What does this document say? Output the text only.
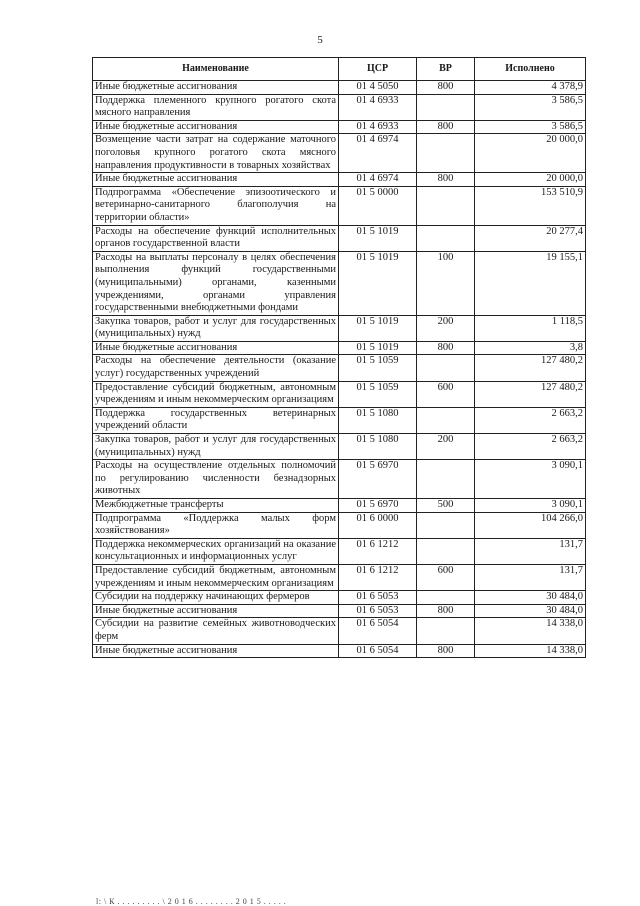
5
Наименование	ЦСР	ВР	Исполнено
Иные бюджетные ассигнования	01 4 5050	800	4 378,9
Поддержка племенного крупного рогатого скота мясного направления	01 4 6933		3 586,5
Иные бюджетные ассигнования	01 4 6933	800	3 586,5
Возмещение части затрат на содержание маточного поголовья крупного рогатого скота мясного направления продуктивности в товарных хозяйствах	01 4 6974		20 000,0
Иные бюджетные ассигнования	01 4 6974	800	20 000,0
Подпрограмма «Обеспечение эпизоотического и ветеринарно-санитарного благополучия на территории области»	01 5 0000		153 510,9
Расходы на обеспечение функций исполнительных органов государственной власти	01 5 1019		20 277,4
Расходы на выплаты персоналу в целях обеспечения выполнения функций государственными (муниципальными) органами, казенными учреждениями, органами управления государственными внебюджетными фондами	01 5 1019	100	19 155,1
Закупка товаров, работ и услуг для государственных (муниципальных) нужд	01 5 1019	200	1 118,5
Иные бюджетные ассигнования	01 5 1019	800	3,8
Расходы на обеспечение деятельности (оказание услуг) государственных учреждений	01 5 1059		127 480,2
Предоставление субсидий бюджетным, автономным учреждениям и иным некоммерческим организациям	01 5 1059	600	127 480,2
Поддержка государственных ветеринарных учреждений области	01 5 1080		2 663,2
Закупка товаров, работ и услуг для государственных (муниципальных) нужд	01 5 1080	200	2 663,2
Расходы на осуществление отдельных полномочий по регулированию численности безнадзорных животных	01 5 6970		3 090,1
Межбюджетные трансферты	01 5 6970	500	3 090,1
Подпрограмма «Поддержка малых форм хозяйствования»	01 6 0000		104 266,0
Поддержка некоммерческих организаций на оказание консультационных и информационных услуг	01 6 1212		131,7
Предоставление субсидий бюджетным, автономным учреждениям и иным некоммерческим организациям	01 6 1212	600	131,7
Субсидии на поддержку начинающих фермеров	01 6 5053		30 484,0
Иные бюджетные ассигнования	01 6 5053	800	30 484,0
Субсидии на развитие семейных животноводческих ферм	01 6 5054		14 338,0
Иные бюджетные ассигнования	01 6 5054	800	14 338,0
l: \ К . . . . . . . . . \ 2 0 1 6 . . . . . . . . 2 0 1 5 . . . . .
